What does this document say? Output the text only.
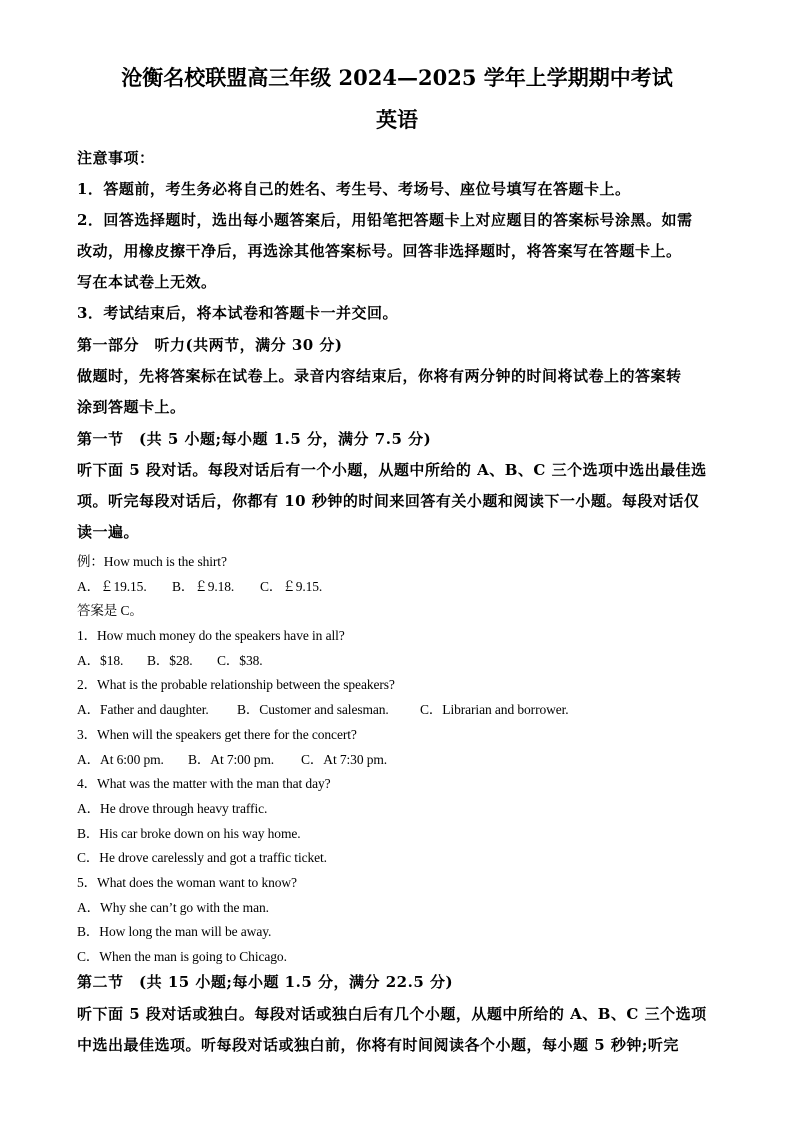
沧衡名校联盟高三年级 2024—2025 学年上学期期中考试
英语
注意事项：
1．答题前，考生务必将自己的姓名、考生号、考场号、座位号填写在答题卡上。
2．回答选择题时，选出每小题答案后，用铅笔把答题卡上对应题目的答案标号涂黑。如需
改动，用橡皮擦干净后，再选涂其他答案标号。回答非选择题时，将答案写在答题卡上。
写在本试卷上无效。
3．考试结束后，将本试卷和答题卡一并交回。
第一部分　听力(共两节，满分 30 分)
做题时，先将答案标在试卷上。录音内容结束后，你将有两分钟的时间将试卷上的答案转
涂到答题卡上。
第一节　(共 5 小题;每小题 1.5 分，满分 7.5 分)
听下面 5 段对话。每段对话后有一个小题，从题中所给的 A、B、C 三个选项中选出最佳选
项。听完每段对话后，你都有 10 秒钟的时间来回答有关小题和阅读下一小题。每段对话仅
读一遍。
例：How much is the shirt?
A．￡19.15. B．￡9.18. C．￡9.15.
答案是 C。
1．How much money do the speakers have in all?
A．$18. B．$28. C．$38.
2．What is the probable relationship between the speakers?
A．Father and daughter. B．Customer and salesman. C．Librarian and borrower.
3．When will the speakers get there for the concert?
A．At 6:00 pm. B．At 7:00 pm. C．At 7:30 pm.
4．What was the matter with the man that day?
A．He drove through heavy traffic.
B．His car broke down on his way home.
C．He drove carelessly and got a traffic ticket.
5．What does the woman want to know?
A．Why she can’t go with the man.
B．How long the man will be away.
C．When the man is going to Chicago.
第二节　(共 15 小题;每小题 1.5 分，满分 22.5 分)
听下面 5 段对话或独白。每段对话或独白后有几个小题，从题中所给的 A、B、C 三个选项
中选出最佳选项。听每段对话或独白前，你将有时间阅读各个小题，每小题 5 秒钟;听完
